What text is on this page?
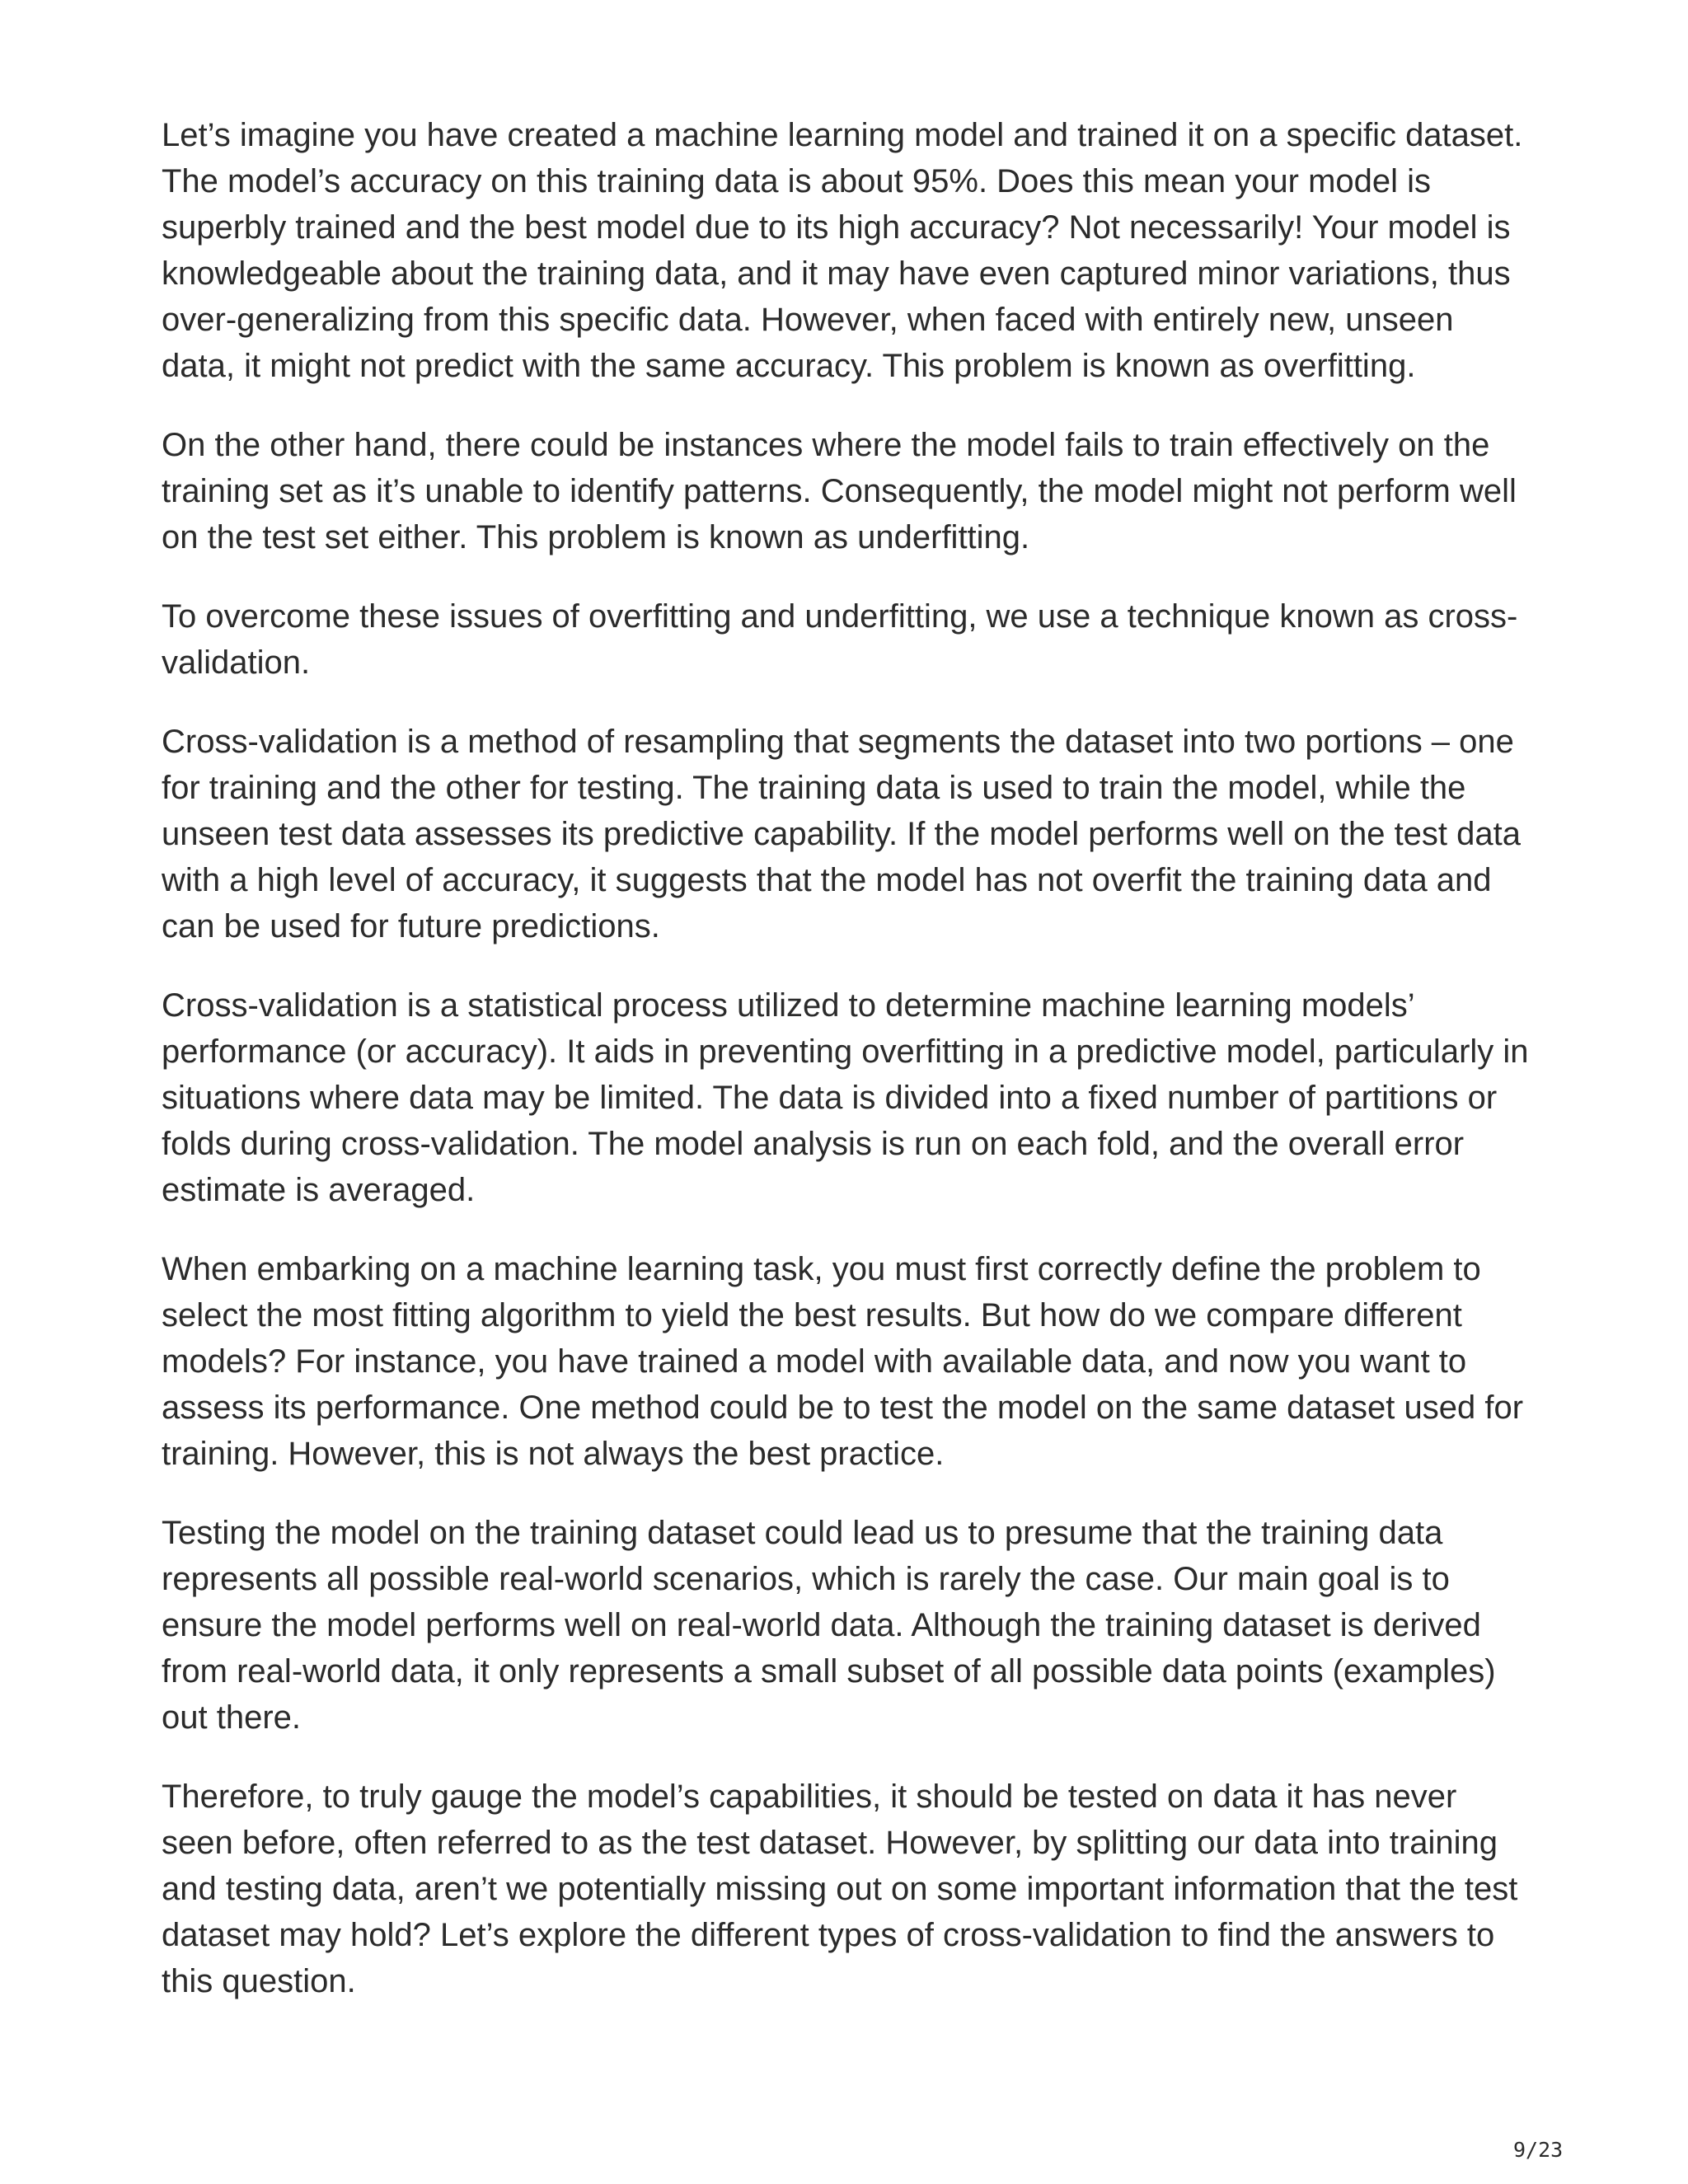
Let’s imagine you have created a machine learning model and trained it on a specific dataset. The model’s accuracy on this training data is about 95%. Does this mean your model is superbly trained and the best model due to its high accuracy? Not necessarily! Your model is knowledgeable about the training data, and it may have even captured minor variations, thus over-generalizing from this specific data. However, when faced with entirely new, unseen data, it might not predict with the same accuracy. This problem is known as overfitting.

On the other hand, there could be instances where the model fails to train effectively on the training set as it’s unable to identify patterns. Consequently, the model might not perform well on the test set either. This problem is known as underfitting.

To overcome these issues of overfitting and underfitting, we use a technique known as cross-validation.

Cross-validation is a method of resampling that segments the dataset into two portions – one for training and the other for testing. The training data is used to train the model, while the unseen test data assesses its predictive capability. If the model performs well on the test data with a high level of accuracy, it suggests that the model has not overfit the training data and can be used for future predictions.

Cross-validation is a statistical process utilized to determine machine learning models’ performance (or accuracy). It aids in preventing overfitting in a predictive model, particularly in situations where data may be limited. The data is divided into a fixed number of partitions or folds during cross-validation. The model analysis is run on each fold, and the overall error estimate is averaged.

When embarking on a machine learning task, you must first correctly define the problem to select the most fitting algorithm to yield the best results. But how do we compare different models? For instance, you have trained a model with available data, and now you want to assess its performance. One method could be to test the model on the same dataset used for training. However, this is not always the best practice.

Testing the model on the training dataset could lead us to presume that the training data represents all possible real-world scenarios, which is rarely the case. Our main goal is to ensure the model performs well on real-world data. Although the training dataset is derived from real-world data, it only represents a small subset of all possible data points (examples) out there.

Therefore, to truly gauge the model’s capabilities, it should be tested on data it has never seen before, often referred to as the test dataset. However, by splitting our data into training and testing data, aren’t we potentially missing out on some important information that the test dataset may hold? Let’s explore the different types of cross-validation to find the answers to this question.

9/23
